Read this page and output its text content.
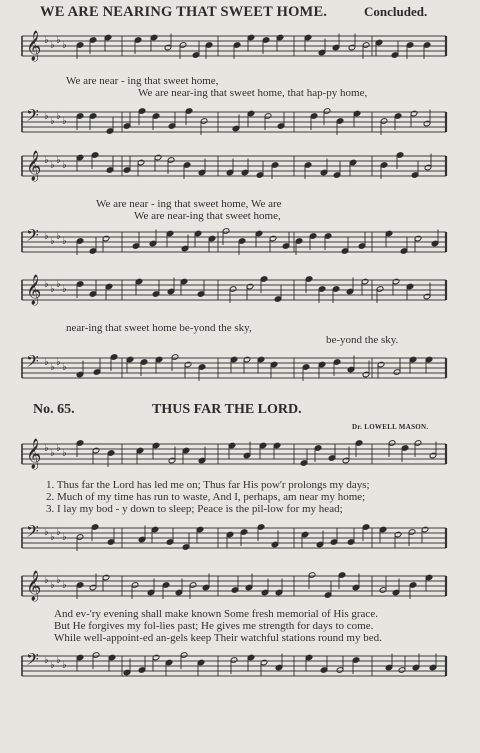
WE ARE NEARING THAT SWEET HOME.	Concluded.
𝄞 ♭ ♭ ♭ ♭
We are near - ing that sweet home,
We are near-ing that sweet home, that hap-py home,
𝄢 ♭ ♭ ♭ ♭
𝄞 ♭ ♭ ♭ ♭
We are near - ing that sweet home, We are
We are near-ing that sweet home,
𝄢 ♭ ♭ ♭ ♭
𝄞 ♭ ♭ ♭ ♭
near-ing that sweet home be-yond the sky,
be-yond the sky.
𝄢 ♭ ♭ ♭ ♭
No. 65.	THUS FAR THE LORD.
Dr. LOWELL MASON.
𝄞 ♭ ♭ ♭ ♭
1. Thus far the Lord has led me on; Thus far His pow'r prolongs my days;
2. Much of my time has run to waste, And I, perhaps, am near my home;
3. I lay my bod - y down to sleep; Peace is the pil-low for my head;
𝄢 ♭ ♭ ♭ ♭
𝄞 ♭ ♭ ♭ ♭
And ev-'ry evening shall make known Some fresh memorial of His grace.
But He forgives my fol-lies past; He gives me strength for days to come.
While well-appoint-ed an-gels keep Their watchful stations round my bed.
𝄢 ♭ ♭ ♭ ♭
